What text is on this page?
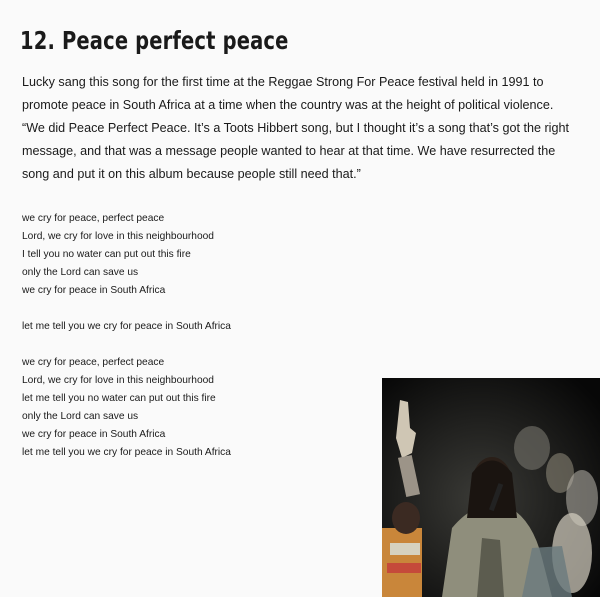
12. Peace perfect peace

Lucky sang this song for the first time at the Reggae Strong For Peace festival held in 1991 to
promote peace in South Africa at a time when the country was at the height of political violence.
“We did Peace Perfect Peace. It’s a Toots Hibbert song, but I thought it’s a song that’s got the right
message, and that was a message people wanted to hear at that time. We have resurrected the
song and put it on this album because people still need that.”

we cry for peace, perfect peace
Lord, we cry for love in this neighbourhood
I tell you no water can put out this fire
only the Lord can save us
we cry for peace in South Africa
let me tell you we cry for peace in South Africa
we cry for peace, perfect peace
Lord, we cry for love in this neighbourhood
let me tell you no water can put out this fire
only the Lord can save us
we cry for peace in South Africa
let me tell you we cry for peace in South Africa
